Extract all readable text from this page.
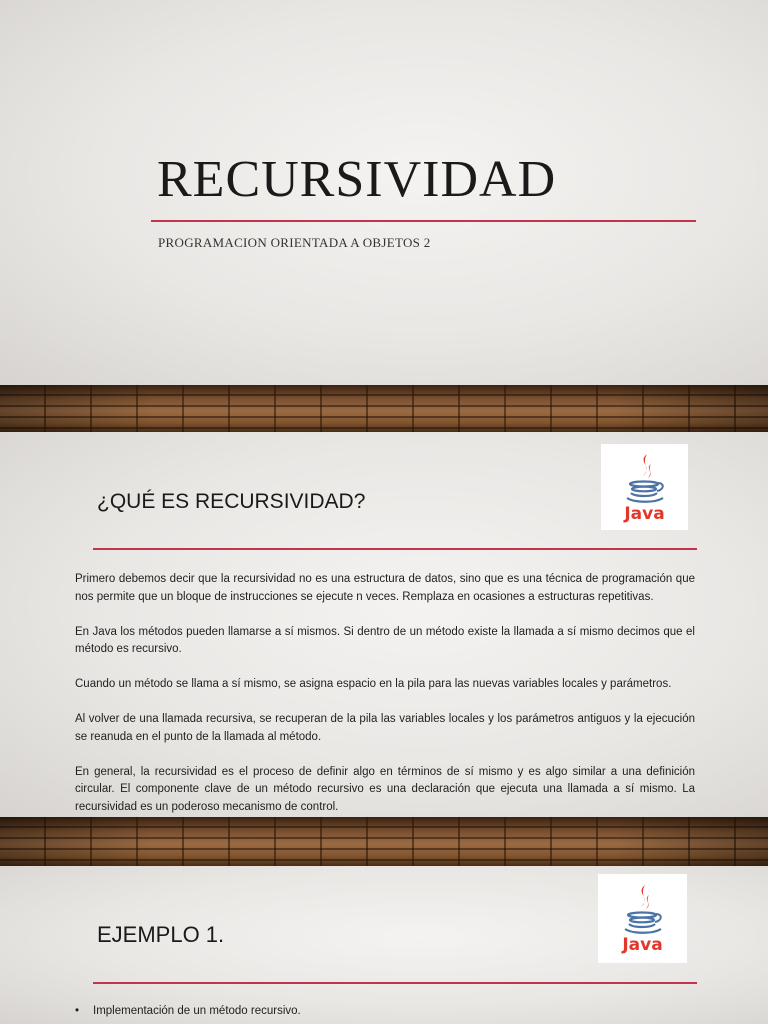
RECURSIVIDAD
PROGRAMACION ORIENTADA A OBJETOS 2
¿QUÉ ES RECURSIVIDAD?
Java

Primero debemos decir que la recursividad no es una estructura de datos, sino que es una técnica de programación que nos permite que un bloque de instrucciones se ejecute n veces. Remplaza en ocasiones a estructuras repetitivas.

En Java los métodos pueden llamarse a sí mismos. Si dentro de un método existe la llamada a sí mismo decimos que el método es recursivo.

Cuando un método se llama a sí mismo, se asigna espacio en la pila para las nuevas variables locales y parámetros.

Al volver de una llamada recursiva, se recuperan de la pila las variables locales y los parámetros antiguos y la ejecución se reanuda en el punto de la llamada al método.

En general, la recursividad es el proceso de definir algo en términos de sí mismo y es algo similar a una definición circular. El componente clave de un método recursivo es una declaración que ejecuta una llamada a sí mismo. La recursividad es un poderoso mecanismo de control.

EJEMPLO 1.	Java
• Implementación de un método recursivo.
